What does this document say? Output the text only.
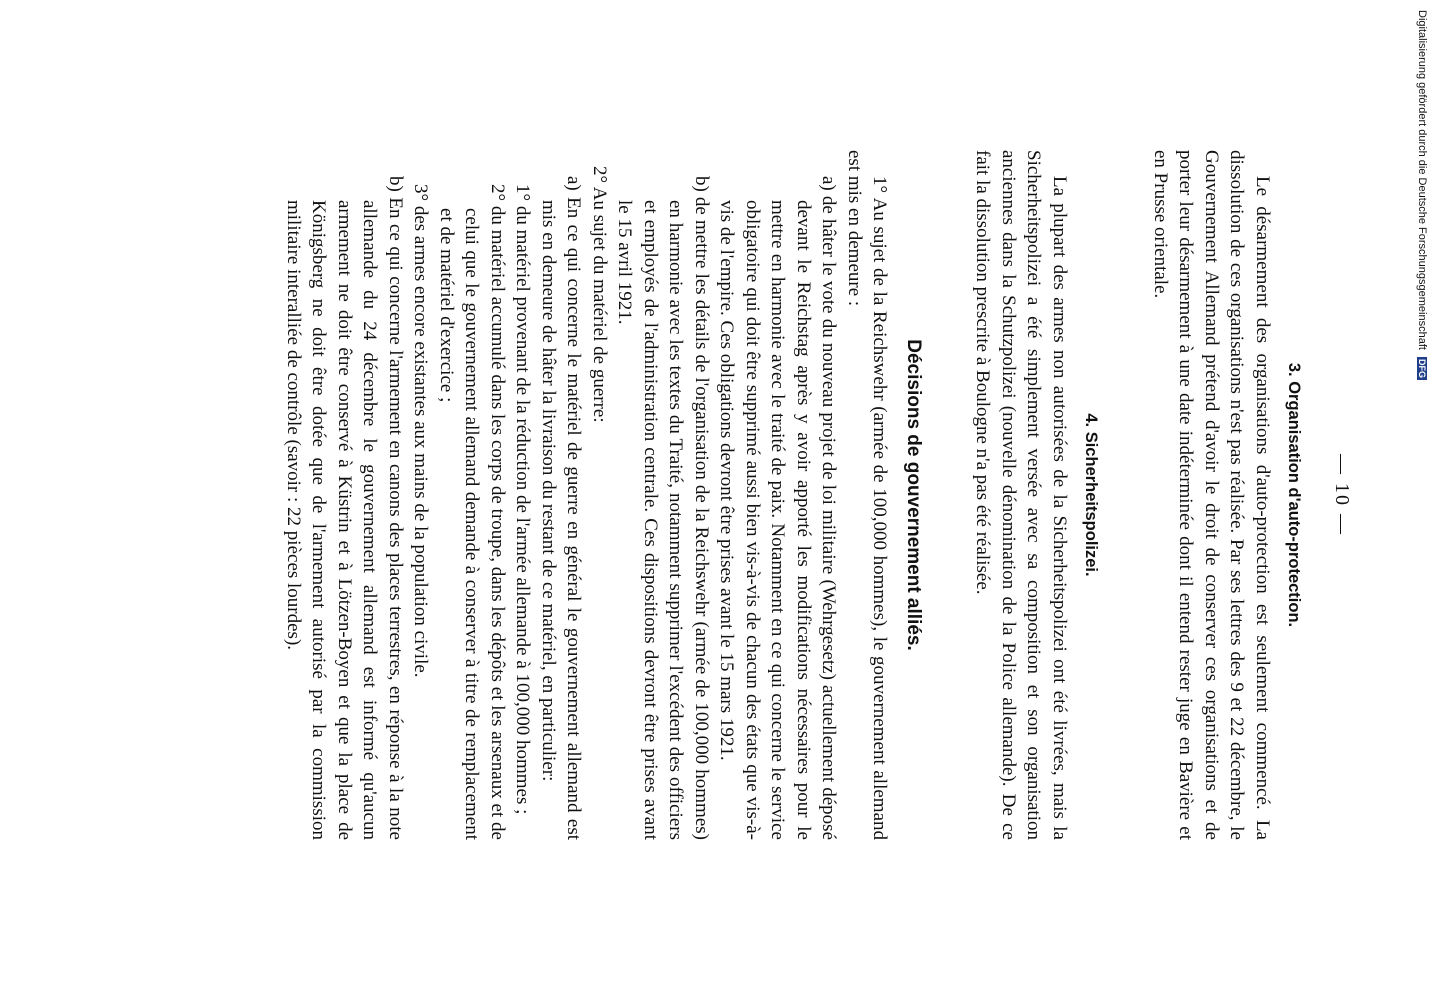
— 10 —
3. Organisation d'auto-protection.

Le désarmement des organisations d'auto-protection est seulement commencé. La dissolution de ces organisations n'est pas réalisée. Par ses lettres des 9 et 22 décembre, le Gouvernement Allemand prétend d'avoir le droit de conserver ces organisations et de porter leur désarmement à une date indéterminée dont il entend rester juge en Bavière et en Prusse orientale.

4. Sicherheitspolizei.

La plupart des armes non autorisées de la Sicherheitspolizei ont été livrées, mais la Sicherheitspolizei a été simplement versée avec sa composition et son organisation anciennes dans la Schutzpolizei (nouvelle dénomination de la Police allemande). De ce fait la dissolution prescrite à Boulogne n'a pas été réalisée.

Décisions de gouvernement alliés.

1° Au sujet de la Reichswehr (armée de 100,000 hommes), le gouvernement allemand est mis en demeure :

a) de hâter le vote du nouveau projet de loi militaire (Wehrgesetz) actuellement déposé devant le Reichstag après y avoir apporté les modifications nécessaires pour le mettre en harmonie avec le traité de paix. Notamment en ce qui concerne le service obligatoire qui doit être supprimé aussi bien vis-à-vis de chacun des états que vis-à-vis de l'empire. Ces obligations devront être prises avant le 15 mars 1921.

b) de mettre les détails de l'organisation de la Reichswehr (armée de 100,000 hommes) en harmonie avec les textes du Traité, notamment supprimer l'excédent des officiers et employés de l'administration centrale. Ces dispositions devront être prises avant le 15 avril 1921.

2° Au sujet du matériel de guerre:

a) En ce qui concerne le matériel de guerre en général le gouvernement allemand est mis en demeure de hâter la livraison du restant de ce matériel, en particulier:

1° du matériel provenant de la réduction de l'armée allemande à 100,000 hommes ;

2° du matériel accumulé dans les corps de troupe, dans les dépôts et les arsenaux et de celui que le gouvernement allemand demande à conserver à titre de remplacement et de matériel d'exercice ;

3° des armes encore existantes aux mains de la population civile.

b) En ce qui concerne l'armement en canons des places terrestres, en réponse à la note allemande du 24 décembre le gouvernement allemand est informé qu'aucun armement ne doit être conservé à Küstrin et à Lötzen-Boyen et que la place de Königsberg ne doit être dotée que de l'armement autorisé par la commission militaire interalliée de contrôle (savoir : 22 pièces lourdes).

Digitalisierung gefördert durch die Deutsche Forschungsgemeinschaft DFG
